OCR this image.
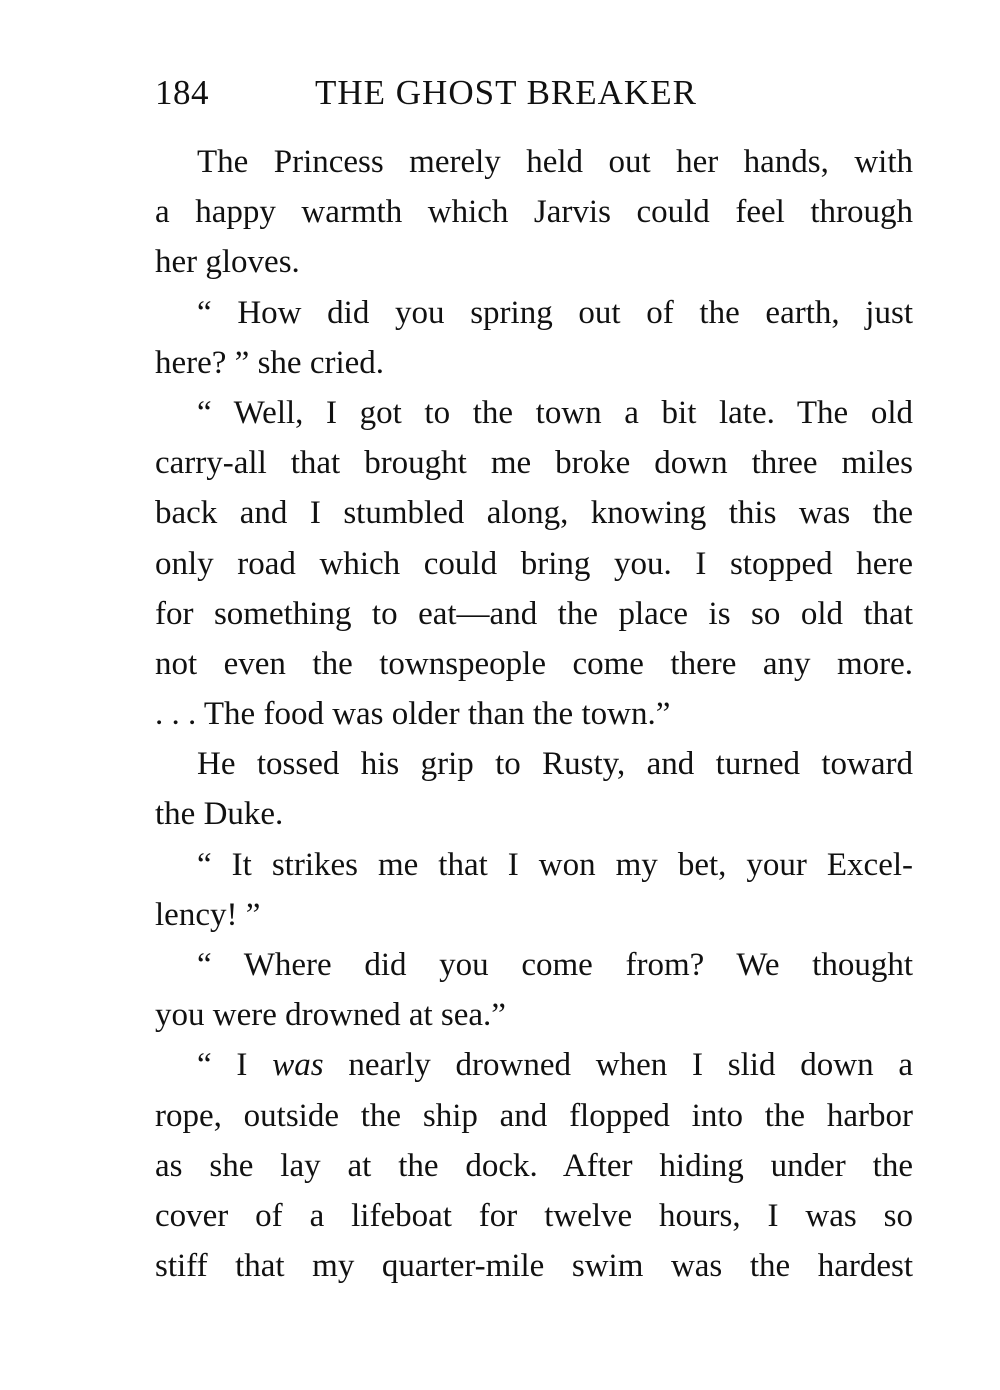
184	THE GHOST BREAKER
The Princess merely held out her hands, with
a happy warmth which Jarvis could feel through
her gloves.
“ How did you spring out of the earth, just
here? ” she cried.
“ Well, I got to the town a bit late. The old
carry-all that brought me broke down three miles
back and I stumbled along, knowing this was the
only road which could bring you. I stopped here
for something to eat—and the place is so old that
not even the townspeople come there any more.
. . . The food was older than the town.”
He tossed his grip to Rusty, and turned toward
the Duke.
“ It strikes me that I won my bet, your Excel-
lency! ”
“ Where did you come from? We thought
you were drowned at sea.”
“ I was nearly drowned when I slid down a
rope, outside the ship and flopped into the harbor
as she lay at the dock. After hiding under the
cover of a lifeboat for twelve hours, I was so
stiff that my quarter-mile swim was the hardest
